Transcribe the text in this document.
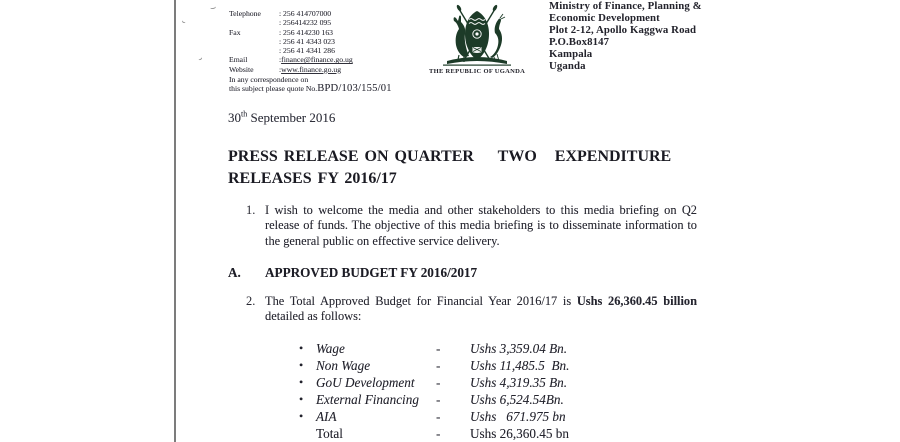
Telephone	: 256 414707000
: 256414232 095
Fax	: 256 414230 163
: 256 41 4343 023
: 256 41 4341 286
Email	: finance@finance.go.ug
Website	: www.finance.go.ug
In any correspondence on
this subject please quote No.BPD/103/155/01
THE REPUBLIC OF UGANDA
Ministry of Finance, Planning &
Economic Development
Plot 2-12, Apollo Kaggwa Road
P.O.Box8147
Kampala
Uganda
30th September 2016
PRESS RELEASE ON QUARTER    TWO   EXPENDITURE
RELEASES FY 2016/17
1. I wish to welcome the media and other stakeholders to this media briefing on Q2 release of funds. The objective of this media briefing is to disseminate information to the general public on effective service delivery.
A.	APPROVED BUDGET FY 2016/2017
2. The Total Approved Budget for Financial Year 2016/17 is Ushs 26,360.45 billion detailed as follows:
• Wage	-	Ushs 3,359.04 Bn.
• Non Wage	-	Ushs 11,485.5  Bn.
• GoU Development	-	Ushs 4,319.35 Bn.
• External Financing	-	Ushs 6,524.54Bn.
• AIA	-	Ushs   671.975 bn
Total	-	Ushs 26,360.45 bn
